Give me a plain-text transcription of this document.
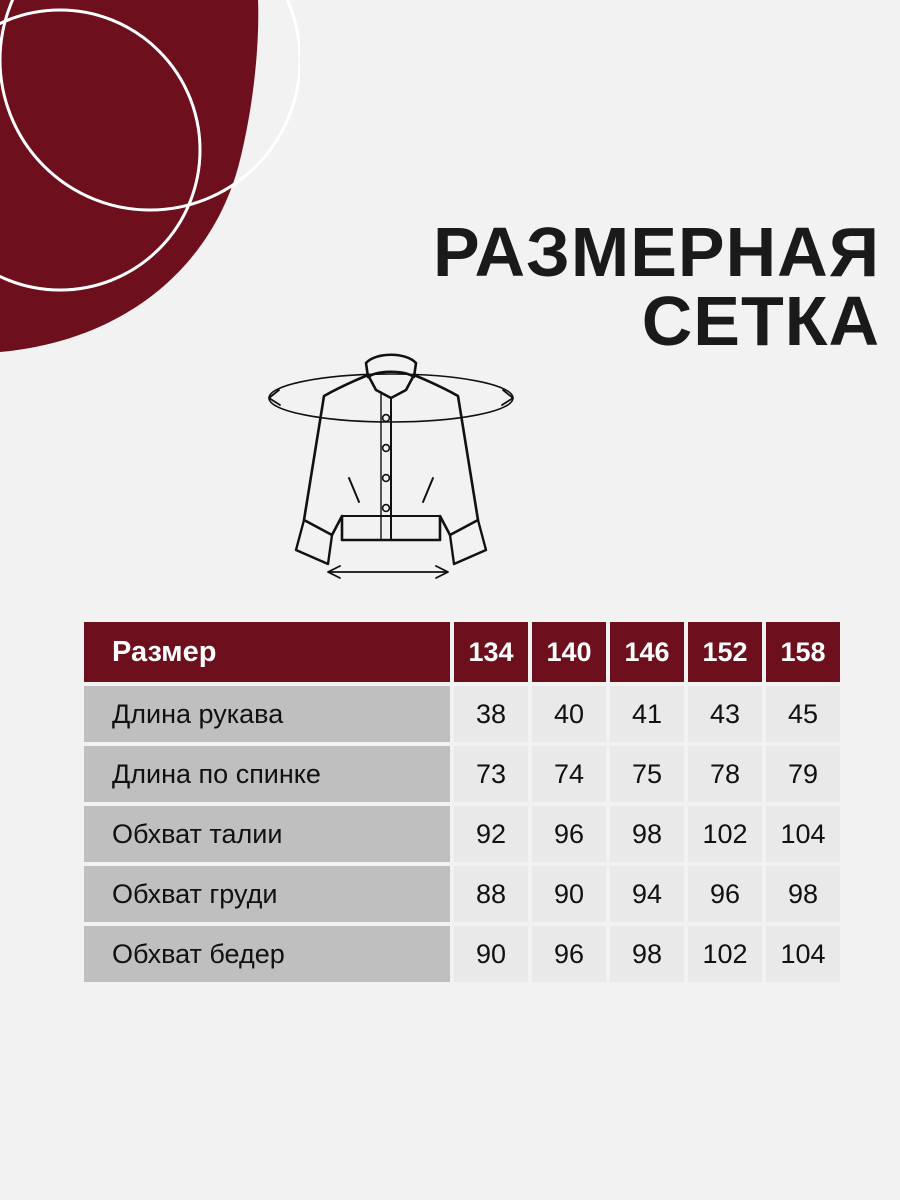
РАЗМЕРНАЯ
СЕТКА
Размер	134	140	146	152	158

Длина рукава	38	40	41	43	45

Длина по спинке	73	74	75	78	79

Обхват талии	92	96	98	102	104

Обхват груди	88	90	94	96	98

Обхват бедер	90	96	98	102	104
